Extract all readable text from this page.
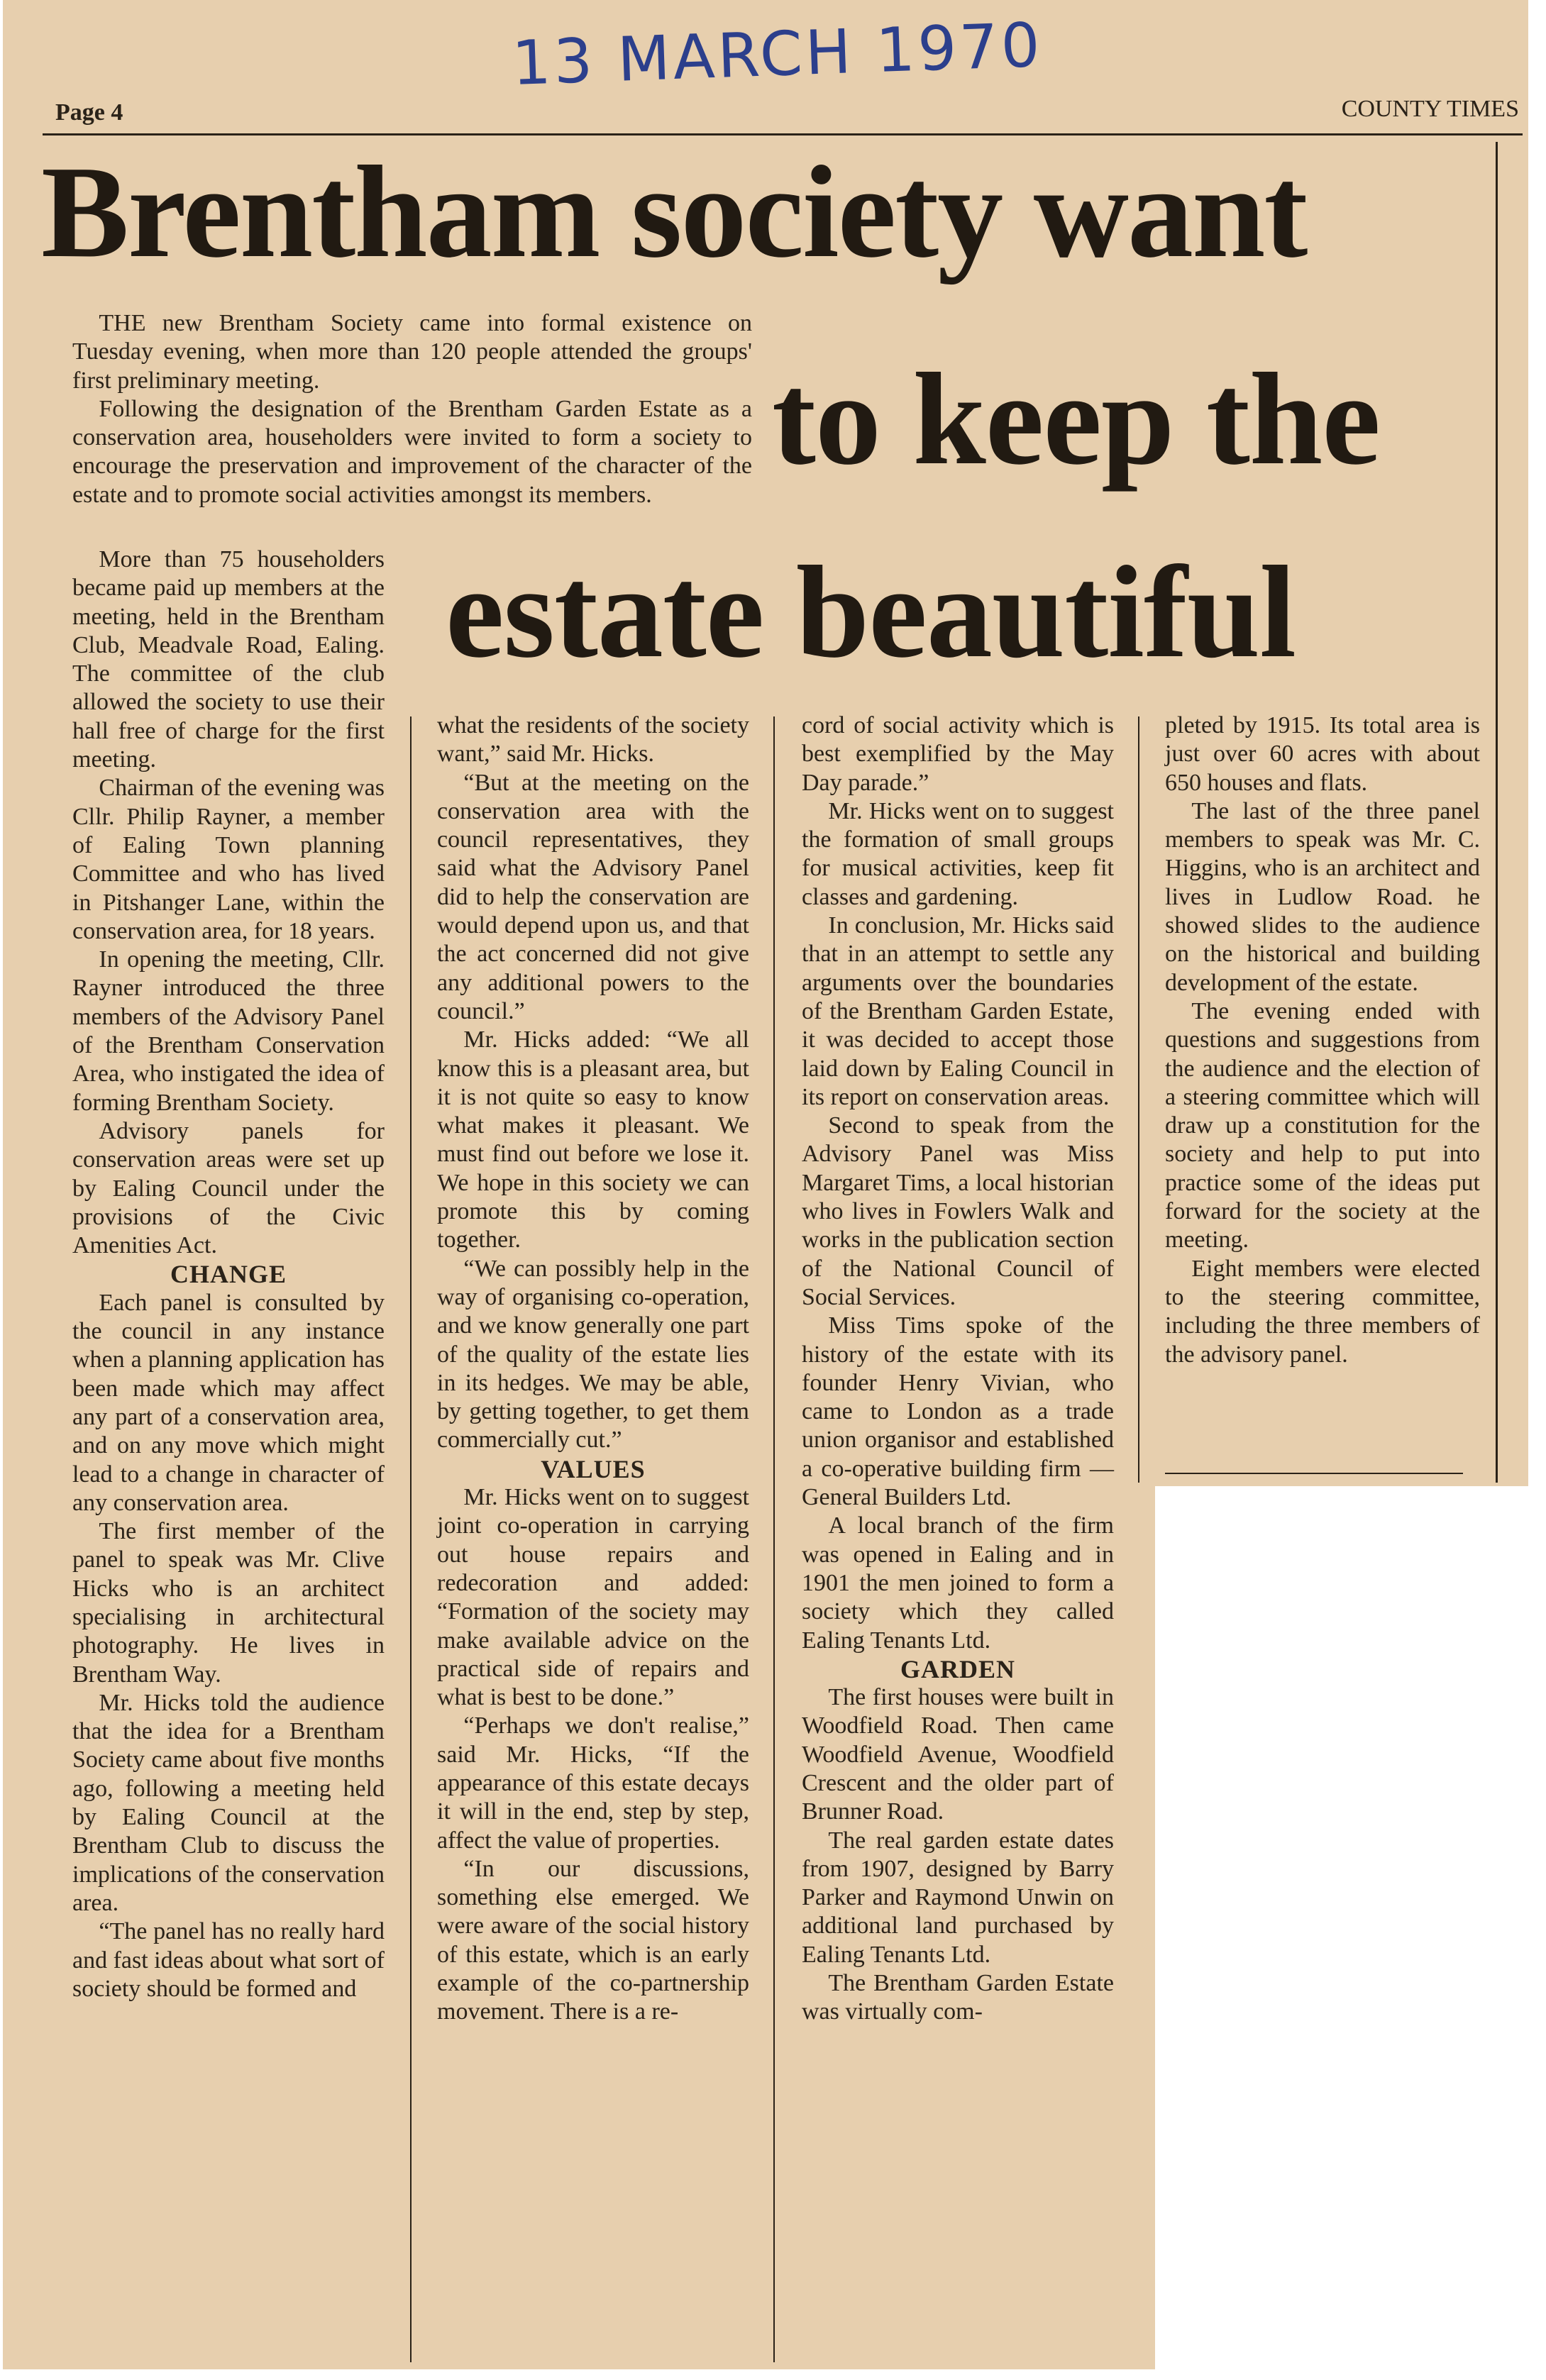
13 MARCH 1970
Page 4	COUNTY TIMES
Brentham society want
to keep the
estate beautiful

THE new Brentham Society came into formal existence on Tuesday evening, when more than 120 people attended the groups' first preliminary meeting.

Following the designation of the Brentham Garden Estate as a conservation area, householders were invited to form a society to encourage the preservation and improvement of the character of the estate and to promote social activities amongst its members.

More than 75 householders became paid up members at the meeting, held in the Brentham Club, Meadvale Road, Ealing. The committee of the club allowed the society to use their hall free of charge for the first meeting.

Chairman of the evening was Cllr. Philip Rayner, a member of Ealing Town planning Committee and who has lived in Pitshanger Lane, within the conservation area, for 18 years.

In opening the meeting, Cllr. Rayner introduced the three members of the Advisory Panel of the Brentham Conservation Area, who instigated the idea of forming Brentham Society.

Advisory panels for conservation areas were set up by Ealing Council under the provisions of the Civic Amenities Act.

CHANGE

Each panel is consulted by the council in any instance when a planning application has been made which may affect any part of a conservation area, and on any move which might lead to a change in character of any conservation area.

The first member of the panel to speak was Mr. Clive Hicks who is an architect specialising in architectural photography. He lives in Brentham Way.

Mr. Hicks told the audience that the idea for a Brentham Society came about five months ago, following a meeting held by Ealing Council at the Brentham Club to discuss the implications of the conservation area.

“The panel has no really hard and fast ideas about what sort of society should be formed and

what the residents of the society want,” said Mr. Hicks.

“But at the meeting on the conservation area with the council representatives, they said what the Advisory Panel did to help the conservation are would depend upon us, and that the act concerned did not give any additional powers to the council.”

Mr. Hicks added: “We all know this is a pleasant area, but it is not quite so easy to know what makes it pleasant. We must find out before we lose it. We hope in this society we can promote this by coming together.

“We can possibly help in the way of organising co-operation, and we know generally one part of the quality of the estate lies in its hedges. We may be able, by getting together, to get them commercially cut.”

VALUES

Mr. Hicks went on to suggest joint co-operation in carrying out house repairs and redecoration and added: “Formation of the society may make available advice on the practical side of repairs and what is best to be done.”

“Perhaps we don't realise,” said Mr. Hicks, “If the appearance of this estate decays it will in the end, step by step, affect the value of properties.

“In our discussions, something else emerged. We were aware of the social history of this estate, which is an early example of the co-partnership movement. There is a re-

cord of social activity which is best exemplified by the May Day parade.”

Mr. Hicks went on to suggest the formation of small groups for musical activities, keep fit classes and gardening.

In conclusion, Mr. Hicks said that in an attempt to settle any arguments over the boundaries of the Brentham Garden Estate, it was decided to accept those laid down by Ealing Council in its report on conservation areas.

Second to speak from the Advisory Panel was Miss Margaret Tims, a local historian who lives in Fowlers Walk and works in the publication section of the National Council of Social Services.

Miss Tims spoke of the history of the estate with its founder Henry Vivian, who came to London as a trade union organisor and established a co-operative building firm — General Builders Ltd.

A local branch of the firm was opened in Ealing and in 1901 the men joined to form a society which they called Ealing Tenants Ltd.

GARDEN

The first houses were built in Woodfield Road. Then came Woodfield Avenue, Woodfield Crescent and the older part of Brunner Road.

The real garden estate dates from 1907, designed by Barry Parker and Raymond Unwin on additional land purchased by Ealing Tenants Ltd.

The Brentham Garden Estate was virtually com-

pleted by 1915. Its total area is just over 60 acres with about 650 houses and flats.

The last of the three panel members to speak was Mr. C. Higgins, who is an architect and lives in Ludlow Road. he showed slides to the audience on the historical and building development of the estate.

The evening ended with questions and suggestions from the audience and the election of a steering committee which will draw up a constitution for the society and help to put into practice some of the ideas put forward for the society at the meeting.

Eight members were elected to the steering committee, including the three members of the advisory panel.
